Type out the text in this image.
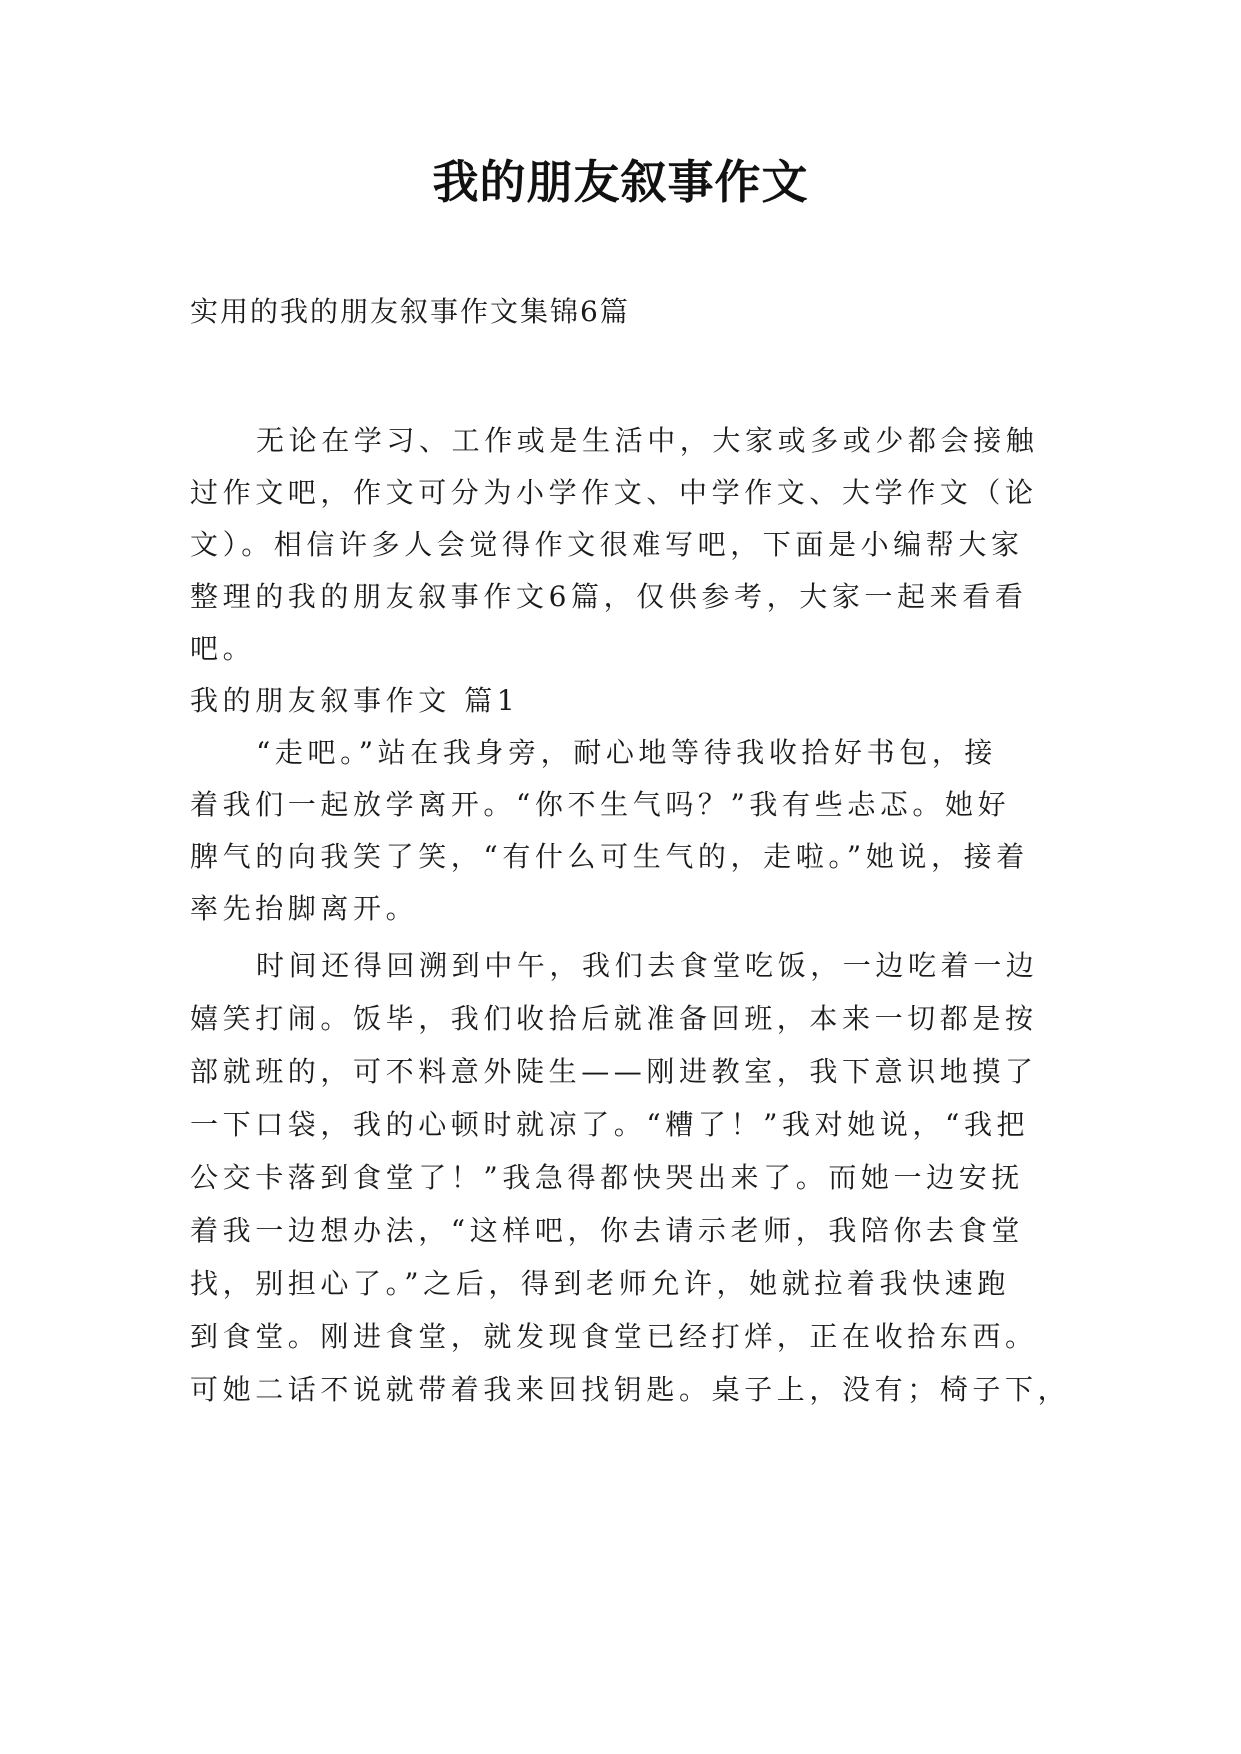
我的朋友叙事作文
实用的我的朋友叙事作文集锦6篇
无论在学习、工作或是生活中，大家或多或少都会接触
过作文吧，作文可分为小学作文、中学作文、大学作文（论
文）。相信许多人会觉得作文很难写吧，下面是小编帮大家
整理的我的朋友叙事作文6篇，仅供参考，大家一起来看看
吧。
我的朋友叙事作文 篇1
“走吧。”站在我身旁，耐心地等待我收拾好书包，接
着我们一起放学离开。“你不生气吗？”我有些忐忑。她好
脾气的向我笑了笑，“有什么可生气的，走啦。”她说，接着
率先抬脚离开。
时间还得回溯到中午，我们去食堂吃饭，一边吃着一边
嬉笑打闹。饭毕，我们收拾后就准备回班，本来一切都是按
部就班的，可不料意外陡生——刚进教室，我下意识地摸了
一下口袋，我的心顿时就凉了。“糟了！”我对她说，“我把
公交卡落到食堂了！”我急得都快哭出来了。而她一边安抚
着我一边想办法，“这样吧，你去请示老师，我陪你去食堂
找，别担心了。”之后，得到老师允许，她就拉着我快速跑
到食堂。刚进食堂，就发现食堂已经打烊，正在收拾东西。
可她二话不说就带着我来回找钥匙。桌子上，没有；椅子下，
